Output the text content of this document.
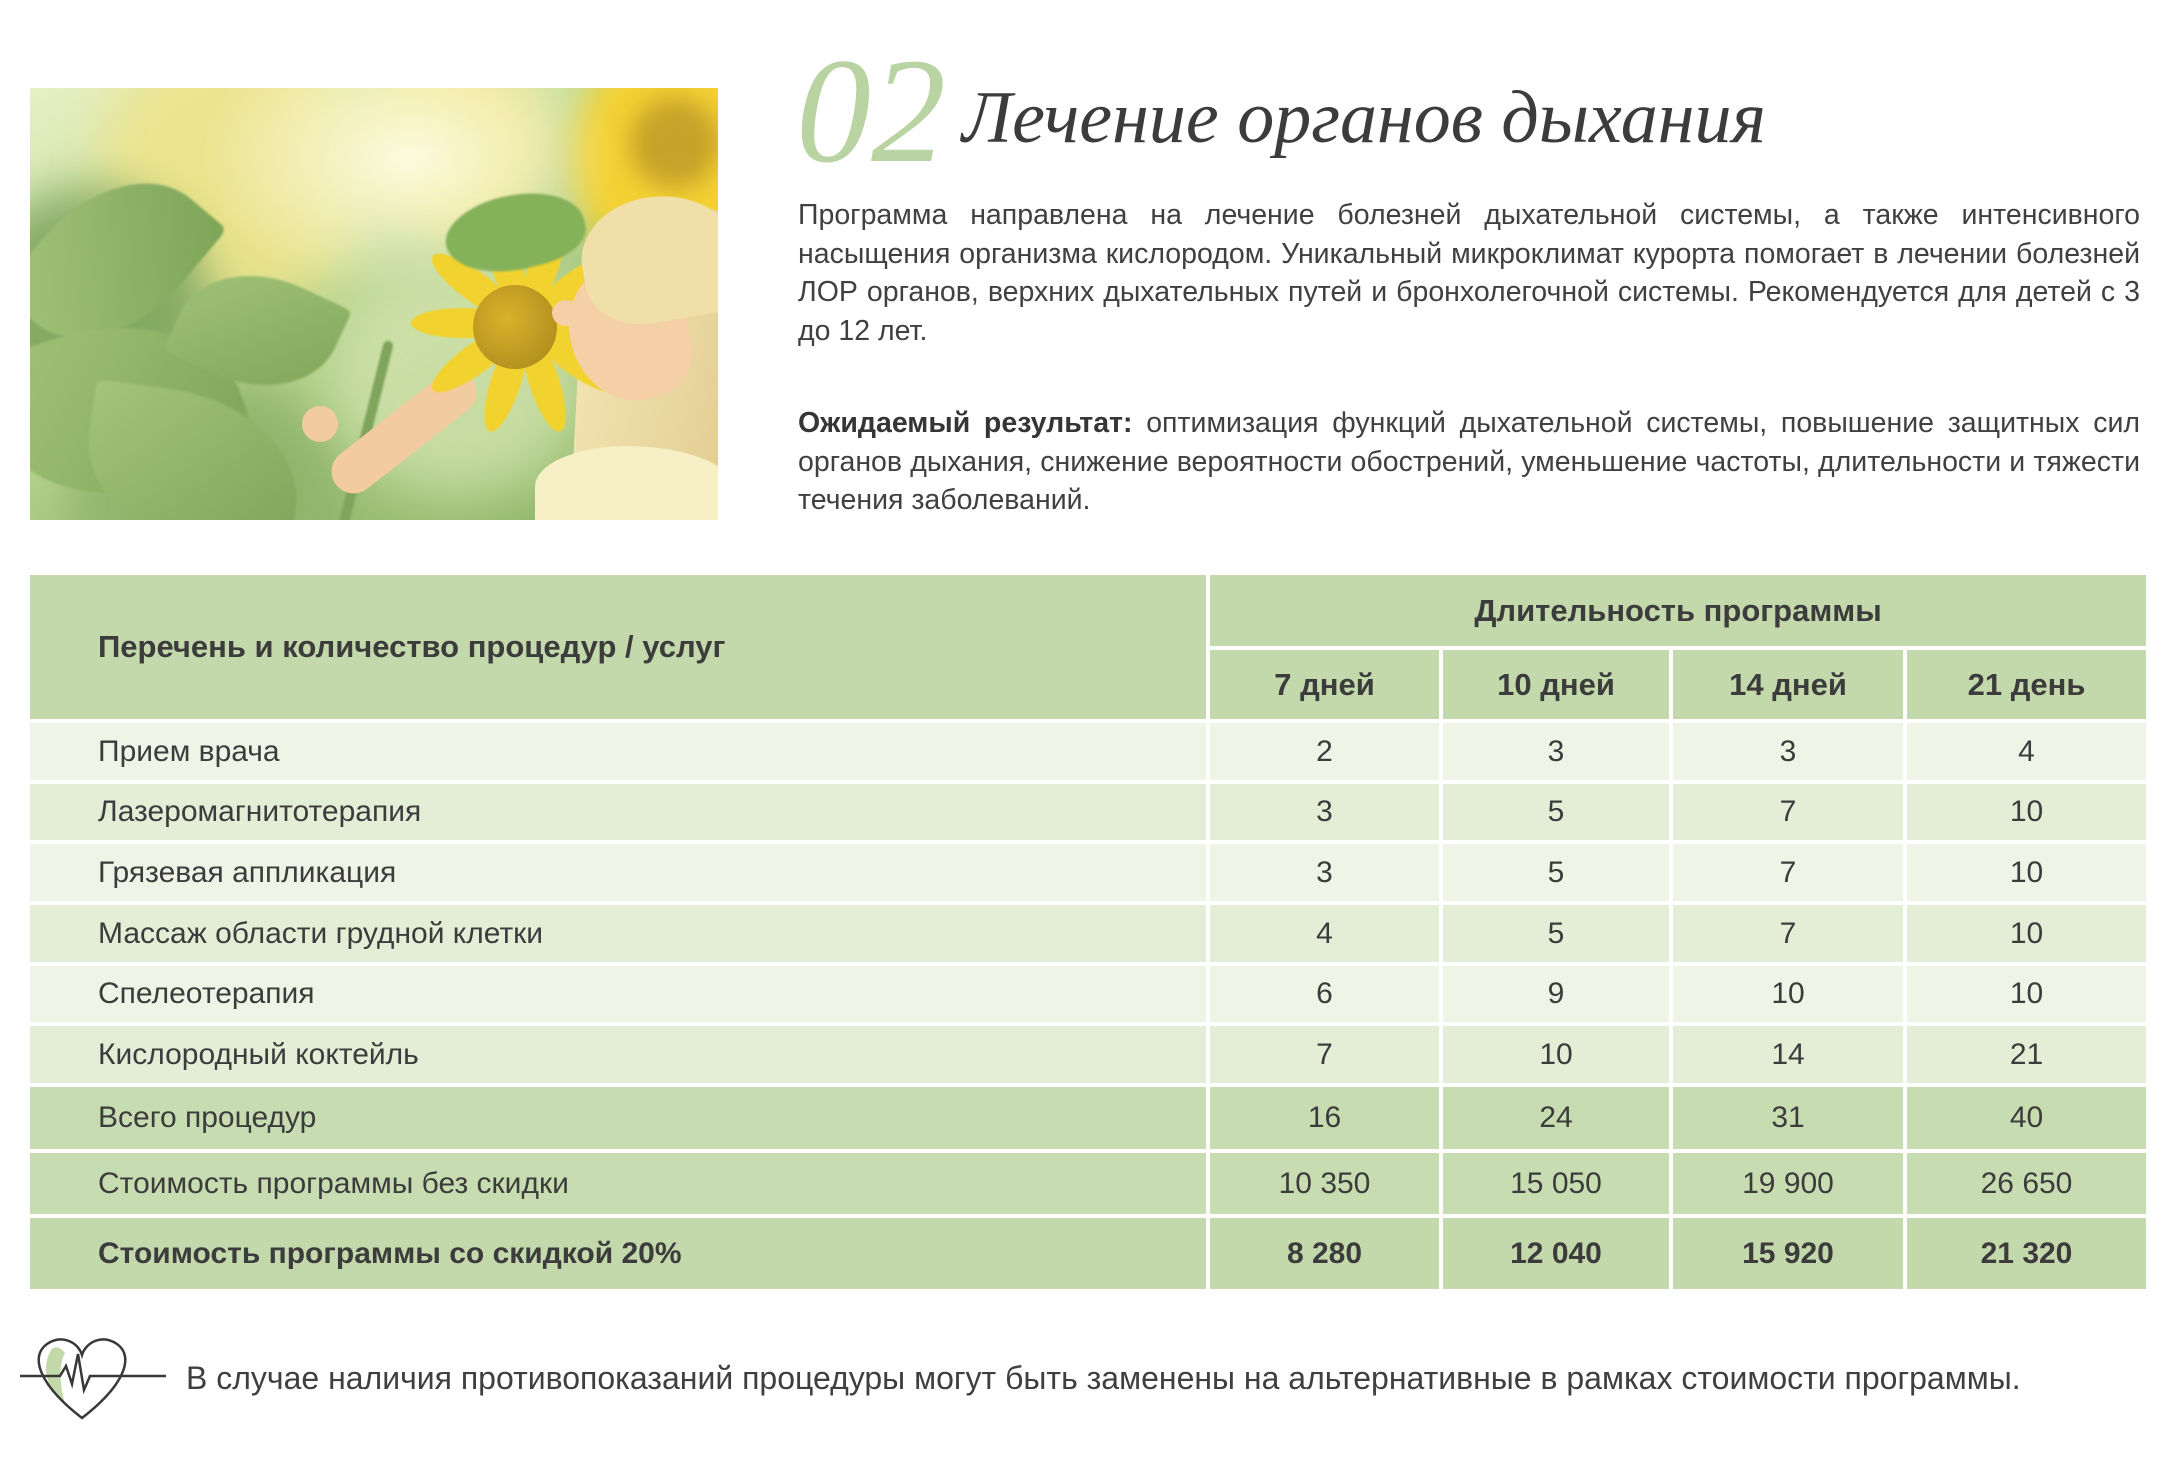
02 Лечение органов дыхания
Программа направлена на лечение болезней дыхательной системы, а также интенсивного насыщения организма кислородом. Уникальный микроклимат курорта помогает в лечении болезней ЛОР органов, верхних дыхательных путей и бронхолегочной системы. Рекомендуется для детей с 3 до 12 лет.
Ожидаемый результат: оптимизация функций дыхательной системы, повышение защитных сил органов дыхания, снижение вероятности обострений, уменьшение частоты, длительности и тяжести течения заболеваний.
Перечень и количество процедур / услуг
Длительность программы
7 дней	10 дней	14 дней	21 день
Прием врача	2	3	3	4
Лазеромагнитотерапия	3	5	7	10
Грязевая аппликация	3	5	7	10
Массаж области грудной клетки	4	5	7	10
Спелеотерапия	6	9	10	10
Кислородный коктейль	7	10	14	21
Всего процедур	16	24	31	40
Стоимость программы без скидки	10 350	15 050	19 900	26 650
Стоимость программы со скидкой 20%	8 280	12 040	15 920	21 320
В случае наличия противопоказаний процедуры могут быть заменены на альтернативные в рамках стоимости программы.
